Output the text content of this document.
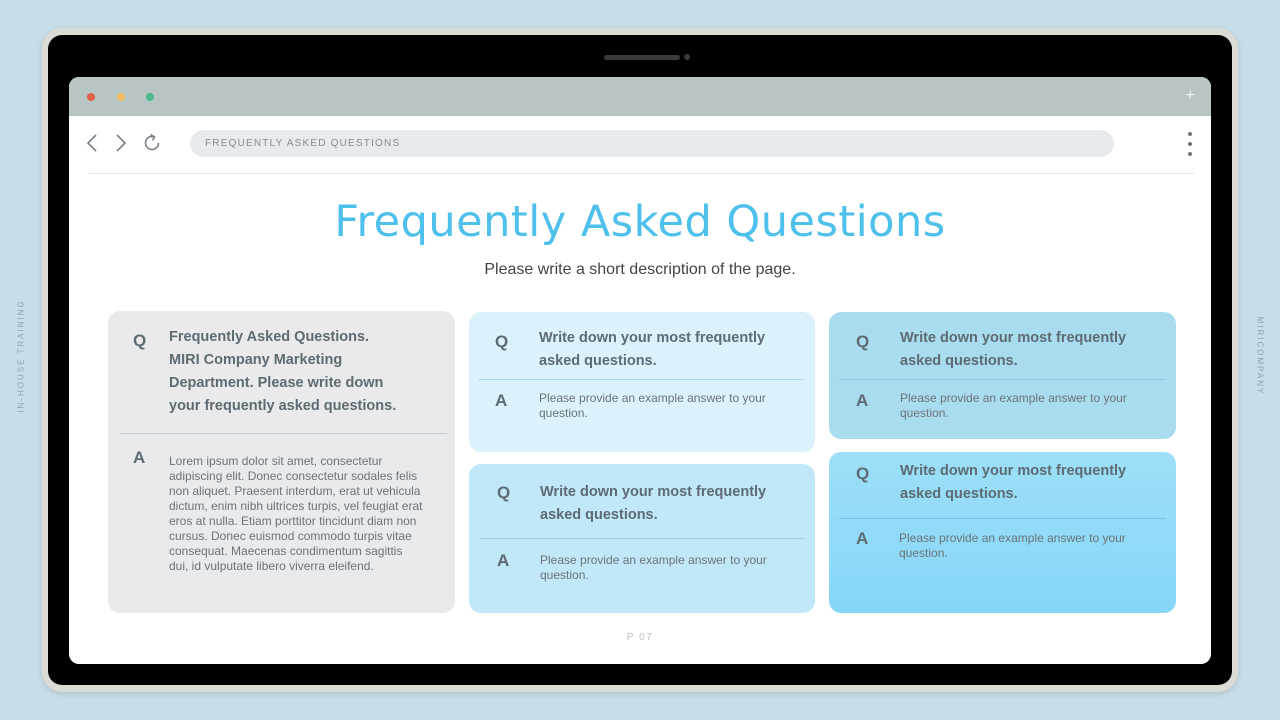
IN-HOUSE TRAINING	MIRICOMPANY
+
FREQUENTLY ASKED QUESTIONS
Frequently Asked Questions
Please write a short description of the page.
Q Frequently Asked Questions. MIRI Company Marketing Department. Please write down your frequently asked questions.
A Lorem ipsum dolor sit amet, consectetur adipiscing elit. Donec consectetur sodales felis non aliquet. Praesent interdum, erat ut vehicula dictum, enim nibh ultrices turpis, vel feugiat erat eros at nulla. Etiam porttitor tincidunt diam non cursus. Donec euismod commodo turpis vitae consequat. Maecenas condimentum sagittis dui, id vulputate libero viverra eleifend.
Q Write down your most frequently asked questions.
A	Please provide an example answer to your question.
Q Write down your most frequently asked questions.
A	Please provide an example answer to your question.
Q Write down your most frequently asked questions.
A	Please provide an example answer to your question.
Q Write down your most frequently asked questions.
A	Please provide an example answer to your question.
P 07
